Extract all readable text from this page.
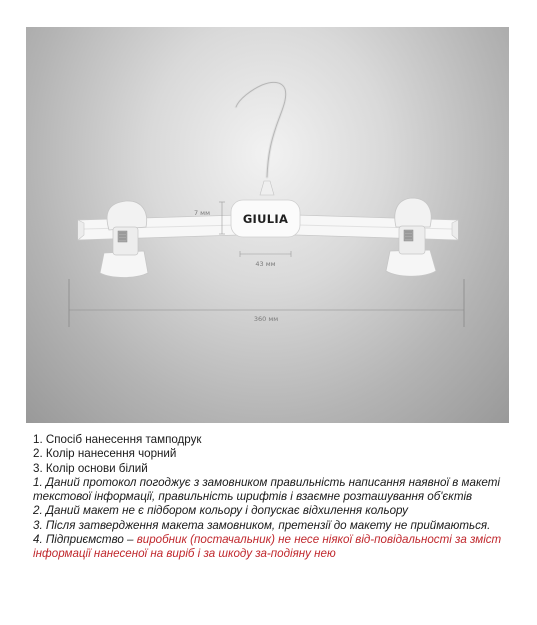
GIULIA
7 мм
43 мм
360 мм

1. Спосіб нанесення тамподрук

2. Колір нанесення чорний

3. Колір основи білий

1. Даний протокол погоджує з замовником правильність написання наявної в макеті текстової інформації, правильність шрифтів і взаємне розташування об'єктів

2. Даний макет не є підбором кольору і допускає відхилення кольору

3. Після затвердження макета замовником, претензії до макету не приймаються.

4. Підприємство – виробник (постачальник) не несе ніякої від-повідальності за зміст інформації нанесеної на виріб і за шкоду за-подіяну нею
